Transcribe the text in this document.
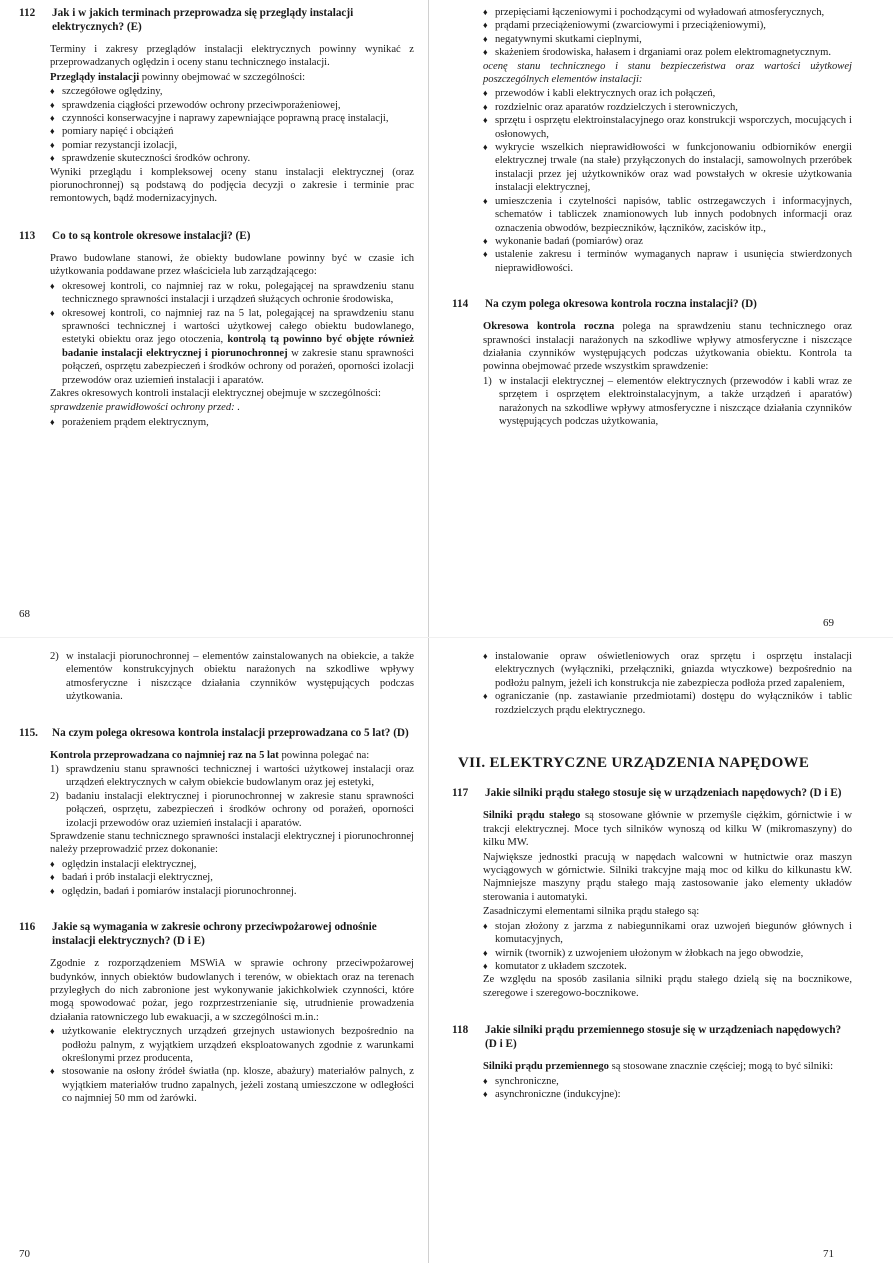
112	Jak i w jakich terminach przeprowadza się przeglądy instalacji elektrycznych? (E)
Terminy i zakresy przeglądów instalacji elektrycznych powinny wynikać z przeprowadzanych oględzin i oceny stanu technicznego instalacji.
Przeglądy instalacji powinny obejmować w szczególności:
♦ szczegółowe oględziny,
♦ sprawdzenia ciągłości przewodów ochrony przeciwporażeniowej,
♦ czynności konserwacyjne i naprawy zapewniające poprawną pracę instalacji,
♦ pomiary napięć i obciążeń
♦ pomiar rezystancji izolacji,
♦ sprawdzenie skuteczności środków ochrony.
Wyniki przeglądu i kompleksowej oceny stanu instalacji elektrycznej (oraz piorunochronnej) są podstawą do podjęcia decyzji o zakresie i terminie prac remontowych, bądź modernizacyjnych.
113	Co to są kontrole okresowe instalacji? (E)
Prawo budowlane stanowi, że obiekty budowlane powinny być w czasie ich użytkowania poddawane przez właściciela lub zarządzającego:
♦ okresowej kontroli, co najmniej raz w roku, polegającej na sprawdzeniu stanu technicznego sprawności instalacji i urządzeń służących ochronie środowiska,
♦ okresowej kontroli, co najmniej raz na 5 lat, polegającej na sprawdzeniu stanu sprawności technicznej i wartości użytkowej całego obiektu budowlanego, estetyki obiektu oraz jego otoczenia, kontrolą tą powinno być objęte również badanie instalacji elektrycznej i piorunochronnej w zakresie stanu sprawności połączeń, osprzętu zabezpieczeń i środków ochrony od porażeń, oporności izolacji przewodów oraz uziemień instalacji i aparatów.
Zakres okresowych kontroli instalacji elektrycznej obejmuje w szczególności:
sprawdzenie prawidłowości ochrony przed: .
♦ porażeniem prądem elektrycznym,
♦ przepięciami łączeniowymi i pochodzącymi od wyładowań atmosferycznych,
♦ prądami przeciążeniowymi (zwarciowymi i przeciążeniowymi),
♦ negatywnymi skutkami cieplnymi,
♦ skażeniem środowiska, hałasem i drganiami oraz polem elektromagnetycznym.
ocenę stanu technicznego i stanu bezpieczeństwa oraz wartości użytkowej poszczególnych elementów instalacji:
♦ przewodów i kabli elektrycznych oraz ich połączeń,
♦ rozdzielnic oraz aparatów rozdzielczych i sterowniczych,
♦ sprzętu i osprzętu elektroinstalacyjnego oraz konstrukcji wsporczych, mocujących i osłonowych,
♦ wykrycie wszelkich nieprawidłowości w funkcjonowaniu odbiorników energii elektrycznej trwale (na stałe) przyłączonych do instalacji, samowolnych przeróbek instalacji przez jej użytkowników oraz wad powstałych w okresie użytkowania instalacji elektrycznej,
♦ umieszczenia i czytelności napisów, tablic ostrzegawczych i informacyjnych, schematów i tabliczek znamionowych lub innych podobnych informacji oraz oznaczenia obwodów, bezpieczników, łączników, zacisków itp.,
♦ wykonanie badań (pomiarów) oraz
♦ ustalenie zakresu i terminów wymaganych napraw i usunięcia stwierdzonych nieprawidłowości.
114	Na czym polega okresowa kontrola roczna instalacji? (D)
Okresowa kontrola roczna polega na sprawdzeniu stanu technicznego oraz sprawności instalacji narażonych na szkodliwe wpływy atmosferyczne i niszczące działania czynników występujących podczas użytkowania obiektu. Kontrola ta powinna obejmować przede wszystkim sprawdzenie:
1) w instalacji elektrycznej – elementów elektrycznych (przewodów i kabli wraz ze sprzętem i osprzętem elektroinstalacyjnym, a także urządzeń i aparatów) narażonych na szkodliwe wpływy atmosferyczne i niszczące działania czynników występujących podczas użytkowania,
2) w instalacji piorunochronnej – elementów zainstalowanych na obiekcie, a także elementów konstrukcyjnych obiektu narażonych na szkodliwe wpływy atmosferyczne i niszczące działania czynników występujących podczas użytkowania.
115.	Na czym polega okresowa kontrola instalacji przeprowadzana co 5 lat? (D)
Kontrola przeprowadzana co najmniej raz na 5 lat powinna polegać na:
1) sprawdzeniu stanu sprawności technicznej i wartości użytkowej instalacji oraz urządzeń elektrycznych w całym obiekcie budowlanym oraz jej estetyki,
2) badaniu instalacji elektrycznej i piorunochronnej w zakresie stanu sprawności połączeń, osprzętu, zabezpieczeń i środków ochrony od porażeń, oporności izolacji przewodów oraz uziemień instalacji i aparatów.
Sprawdzenie stanu technicznego sprawności instalacji elektrycznej i piorunochronnej należy przeprowadzić przez dokonanie:
♦ oględzin instalacji elektrycznej,
♦ badań i prób instalacji elektrycznej,
♦ oględzin, badań i pomiarów instalacji piorunochronnej.
116	Jakie są wymagania w zakresie ochrony przeciwpożarowej odnośnie instalacji elektrycznych? (D i E)
Zgodnie z rozporządzeniem MSWiA w sprawie ochrony przeciwpożarowej budynków, innych obiektów budowlanych i terenów, w obiektach oraz na terenach przyległych do nich zabronione jest wykonywanie jakichkolwiek czynności, które mogą spowodować pożar, jego rozprzestrzenianie się, utrudnienie prowadzenia działania ratowniczego lub ewakuacji, a w szczególności m.in.:
♦ użytkowanie elektrycznych urządzeń grzejnych ustawionych bezpośrednio na podłożu palnym, z wyjątkiem urządzeń eksploatowanych zgodnie z warunkami określonymi przez producenta,
♦ stosowanie na osłony źródeł światła (np. klosze, abażury) materiałów palnych, z wyjątkiem materiałów trudno zapalnych, jeżeli zostaną umieszczone w odległości co najmniej 50 mm od żarówki.
♦ instalowanie opraw oświetleniowych oraz sprzętu i osprzętu instalacji elektrycznych (wyłączniki, przełączniki, gniazda wtyczkowe) bezpośrednio na podłożu palnym, jeżeli ich konstrukcja nie zabezpiecza podłoża przed zapaleniem,
♦ ograniczanie (np. zastawianie przedmiotami) dostępu do wyłączników i tablic rozdzielczych prądu elektrycznego.
VII. ELEKTRYCZNE URZĄDZENIA NAPĘDOWE
117	Jakie silniki prądu stałego stosuje się w urządzeniach napędowych? (D i E)
Silniki prądu stałego są stosowane głównie w przemyśle ciężkim, górnictwie i w trakcji elektrycznej. Moce tych silników wynoszą od kilku W (mikromaszyny) do kilku MW.
Największe jednostki pracują w napędach walcowni w hutnictwie oraz maszyn wyciągowych w górnictwie. Silniki trakcyjne mają moc od kilku do kilkunastu kW. Najmniejsze maszyny prądu stałego mają zastosowanie jako elementy układów sterowania i automatyki.
Zasadniczymi elementami silnika prądu stałego są:
♦ stojan złożony z jarzma z nabiegunnikami oraz uzwojeń biegunów głównych i komutacyjnych,
♦ wirnik (twornik) z uzwojeniem ułożonym w żłobkach na jego obwodzie,
♦ komutator z układem szczotek.
Ze względu na sposób zasilania silniki prądu stałego dzielą się na bocznikowe, szeregowe i szeregowo-bocznikowe.
118	Jakie silniki prądu przemiennego stosuje się w urządzeniach napędowych? (D i E)
Silniki prądu przemiennego są stosowane znacznie częściej; mogą to być silniki:
♦ synchroniczne,
♦ asynchroniczne (indukcyjne):
68
69
70	71
